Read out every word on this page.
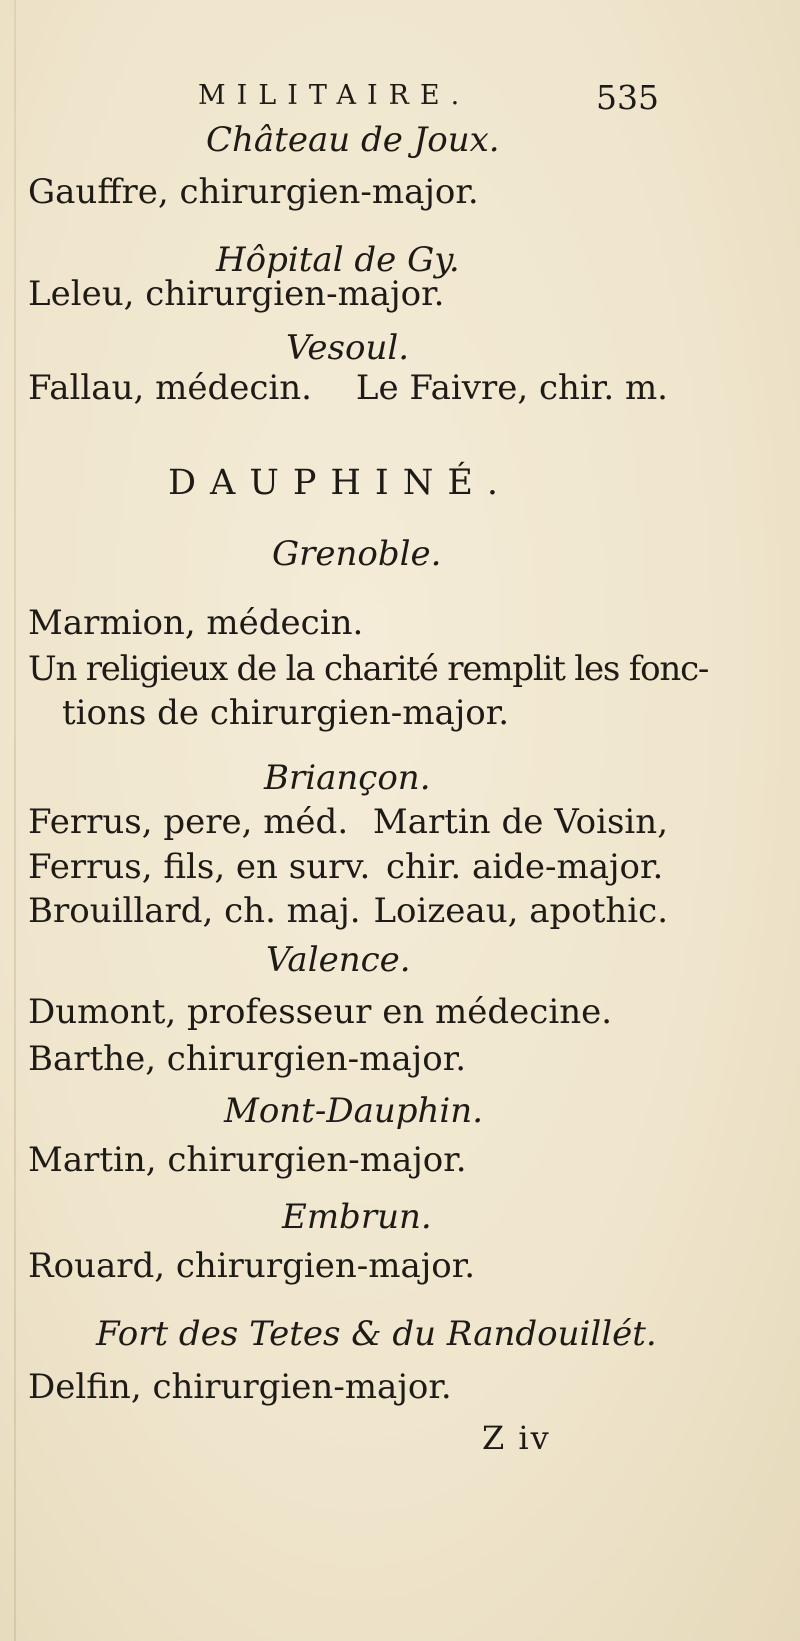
MILITAIRE.	535
Château de Joux.
Gauffre, chirurgien-major.
Hôpital de Gy.
Leleu, chirurgien-major.
Vesoul.
Fallau, médecin. Le Faivre, chir. m.
DAUPHINÉ.
Grenoble.
Marmion, médecin.
Un religieux de la charité remplit les fonc-
tions de chirurgien-major.
Briançon.
Ferrus, pere, méd. Martin de Voisin,
Ferrus, fils, en surv. chir. aide-major.
Brouillard, ch. maj. Loizeau, apothic.
Valence.
Dumont, professeur en médecine.
Barthe, chirurgien-major.
Mont-Dauphin.
Martin, chirurgien-major.
Embrun.
Rouard, chirurgien-major.
Fort des Tetes & du Randouillét.
Delfin, chirurgien-major.
Z iv
